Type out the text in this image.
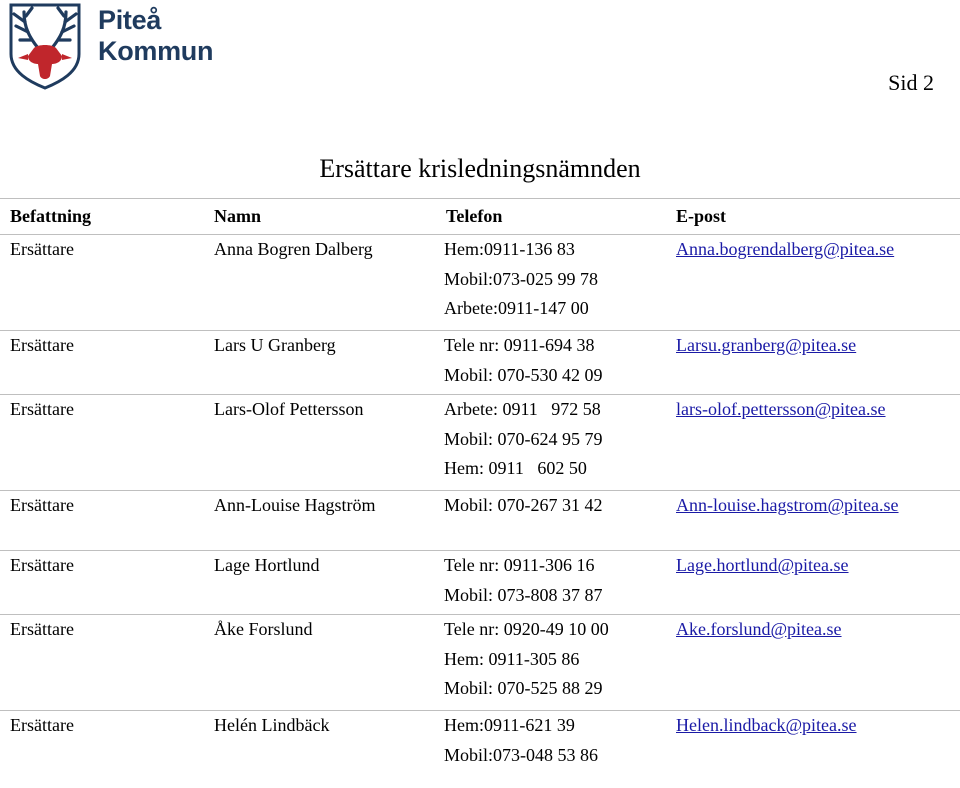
Piteå Kommun
Sid 2
Ersättare krisledningsnämnden
Befattning	Namn	Telefon	E-post
Ersättare	Anna Bogren Dalberg	Hem:0911-136 83
Mobil:073-025 99 78
Arbete:0911-147 00	Anna.bogrendalberg@pitea.se
Ersättare	Lars U Granberg	Tele nr: 0911-694 38
Mobil: 070-530 42 09	Larsu.granberg@pitea.se
Ersättare	Lars-Olof Pettersson	Arbete: 0911   972 58
Mobil: 070-624 95 79
Hem: 0911   602 50	lars-olof.pettersson@pitea.se
Ersättare	Ann-Louise Hagström	Mobil: 070-267 31 42	Ann-louise.hagstrom@pitea.se
Ersättare	Lage Hortlund	Tele nr: 0911-306 16
Mobil: 073-808 37 87	Lage.hortlund@pitea.se
Ersättare	Åke Forslund	Tele nr: 0920-49 10 00
Hem: 0911-305 86
Mobil: 070-525 88 29	Ake.forslund@pitea.se
Ersättare	Helén Lindbäck	Hem:0911-621 39
Mobil:073-048 53 86	Helen.lindback@pitea.se
